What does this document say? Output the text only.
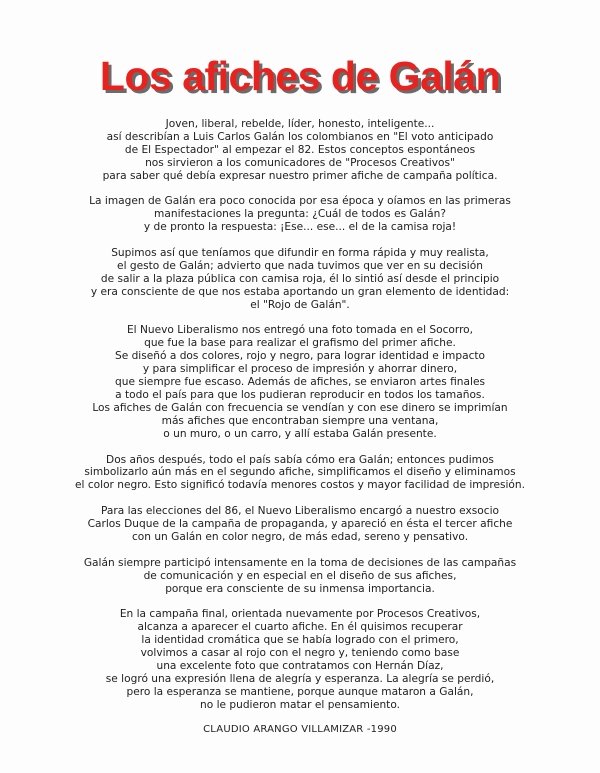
Los afiches de Galán
Joven, liberal, rebelde, líder, honesto, inteligente...
así describían a Luis Carlos Galán los colombianos en "El voto anticipado
de El Espectador" al empezar el 82. Estos conceptos espontáneos
nos sirvieron a los comunicadores de "Procesos Creativos"
para saber qué debía expresar nuestro primer afiche de campaña política.
La imagen de Galán era poco conocida por esa época y oíamos en las primeras
manifestaciones la pregunta: ¿Cuál de todos es Galán?
y de pronto la respuesta: ¡Ese... ese... el de la camisa roja!
Supimos así que teníamos que difundir en forma rápida y muy realista,
el gesto de Galán; advierto que nada tuvimos que ver en su decisión
de salir a la plaza pública con camisa roja, él lo sintió así desde el principio
y era consciente de que nos estaba aportando un gran elemento de identidad:
el "Rojo de Galán".
El Nuevo Liberalismo nos entregó una foto tomada en el Socorro,
que fue la base para realizar el grafismo del primer afiche.
Se diseñó a dos colores, rojo y negro, para lograr identidad e impacto
y para simplificar el proceso de impresión y ahorrar dinero,
que siempre fue escaso. Además de afiches, se enviaron artes finales
a todo el país para que los pudieran reproducir en todos los tamaños.
Los afiches de Galán con frecuencia se vendían y con ese dinero se imprimían
más afiches que encontraban siempre una ventana,
o un muro, o un carro, y allí estaba Galán presente.
Dos años después, todo el país sabía cómo era Galán; entonces pudimos
simbolizarlo aún más en el segundo afiche, simplificamos el diseño y eliminamos
el color negro. Esto significó todavía menores costos y mayor facilidad de impresión.
Para las elecciones del 86, el Nuevo Liberalismo encargó a nuestro exsocio
Carlos Duque de la campaña de propaganda, y apareció en ésta el tercer afiche
con un Galán en color negro, de más edad, sereno y pensativo.
Galán siempre participó intensamente en la toma de decisiones de las campañas
de comunicación y en especial en el diseño de sus afiches,
porque era consciente de su inmensa importancia.
En la campaña final, orientada nuevamente por Procesos Creativos,
alcanza a aparecer el cuarto afiche. En él quisimos recuperar
la identidad cromática que se había logrado con el primero,
volvimos a casar al rojo con el negro y, teniendo como base
una excelente foto que contratamos con Hernán Díaz,
se logró una expresión llena de alegría y esperanza. La alegría se perdió,
pero la esperanza se mantiene, porque aunque mataron a Galán,
no le pudieron matar el pensamiento.
CLAUDIO ARANGO VILLAMIZAR -1990
